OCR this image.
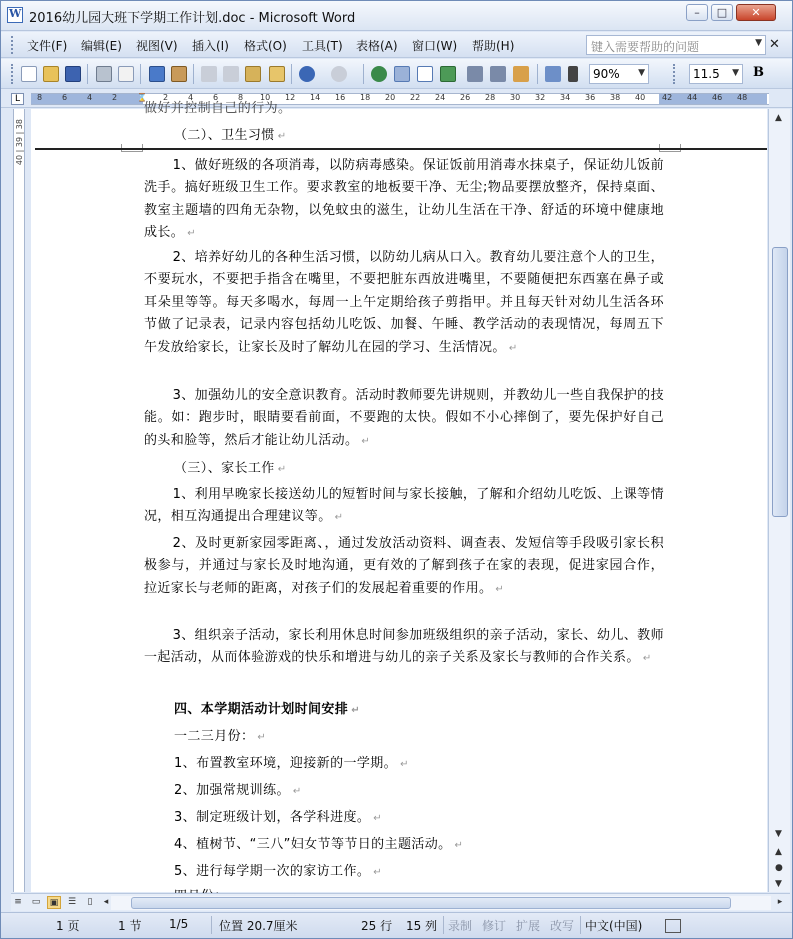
W
2016幼儿园大班下学期工作计划.doc - Microsoft Word	–	□	✕
文件(F) 编辑(E) 视图(V) 插入(I) 格式(O) 工具(T) 表格(A) 窗口(W) 帮助(H)	键入需要帮助的问题	▼ ✕
90% ▼	11.5 ▼ B
L	8 6 4 2 ⌛ 2 4 6 8 10 12 14 16 18 20 22 24 26 28 30 32 34 36 38 40 42 44 46 48
40 | 39 | 38
做好并控制自己的行为。
（二）、卫生习惯 ↵
1、做好班级的各项消毒，以防病毒感染。保证饭前用消毒水抹桌子，保证幼儿饭前洗手。搞好班级卫生工作。要求教室的地板要干净、无尘;物品要摆放整齐，保持桌面、教室主题墙的四角无杂物，以免蚊虫的滋生，让幼儿生活在干净、舒适的环境中健康地成长。 ↵
2、培养好幼儿的各种生活习惯，以防幼儿病从口入。教育幼儿要注意个人的卫生，不要玩水，不要把手指含在嘴里，不要把脏东西放进嘴里，不要随便把东西塞在鼻子或耳朵里等等。每天多喝水，每周一上午定期给孩子剪指甲。并且每天针对幼儿生活各环节做了记录表，记录内容包括幼儿吃饭、加餐、午睡、教学活动的表现情况，每周五下午发放给家长，让家长及时了解幼儿在园的学习、生活情况。 ↵
3、加强幼儿的安全意识教育。活动时教师要先讲规则，并教幼儿一些自我保护的技能。如：跑步时，眼睛要看前面，不要跑的太快。假如不小心摔倒了，要先保护好自己的头和脸等，然后才能让幼儿活动。 ↵
（三）、家长工作 ↵
1、利用早晚家长接送幼儿的短暂时间与家长接触，了解和介绍幼儿吃饭、上课等情况，相互沟通提出合理建议等。 ↵
2、及时更新家园零距离、，通过发放活动资料、调查表、发短信等手段吸引家长积极参与，并通过与家长及时地沟通，更有效的了解到孩子在家的表现，促进家园合作，拉近家长与老师的距离，对孩子们的发展起着重要的作用。 ↵
3、组织亲子活动，家长利用休息时间参加班级组织的亲子活动，家长、幼儿、教师一起活动，从而体验游戏的快乐和增进与幼儿的亲子关系及家长与教师的合作关系。 ↵
四、本学期活动计划时间安排 ↵
一二三月份： ↵
1、布置教室环境，迎接新的一学期。 ↵
2、加强常规训练。 ↵
3、制定班级计划，各学科进度。 ↵
4、植树节、“三八”妇女节等节日的主题活动。 ↵
5、进行每学期一次的家访工作。 ↵
▲
▼
▲
●
▼
≡	▭	▣	☰	▯	◂	▸
1 页	1 节 1/5	位置 20.7厘米	25 行 15 列 录制 修订 扩展 改写 中文(中国)
